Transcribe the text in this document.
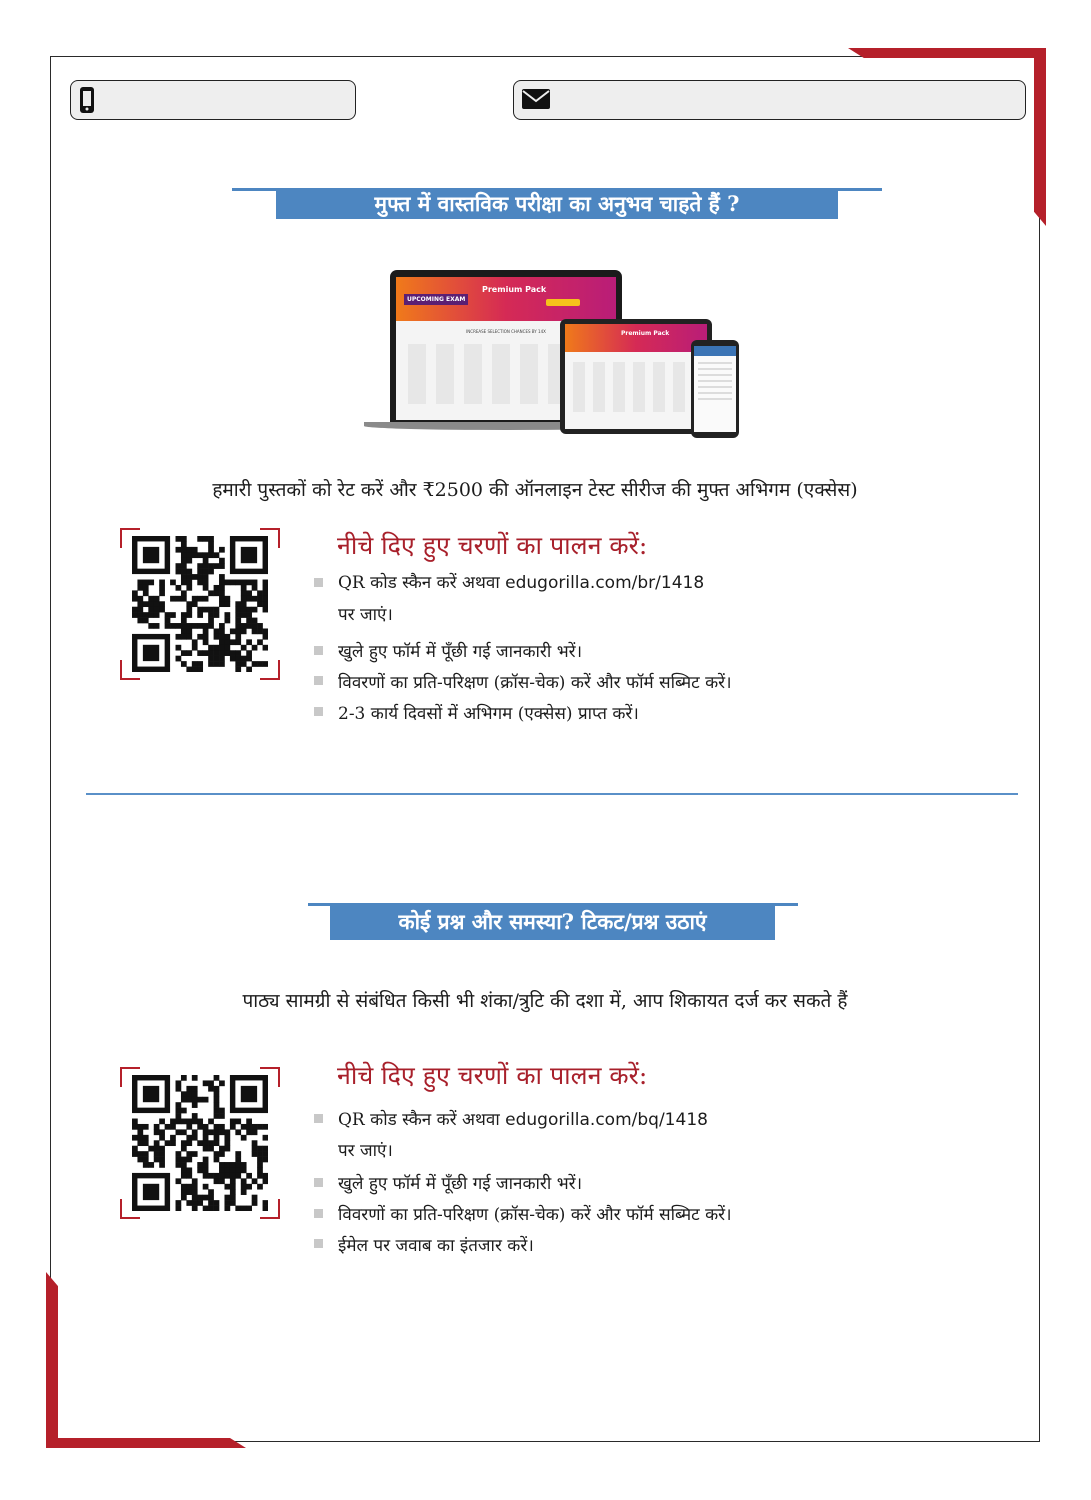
मुफ्त में वास्तविक परीक्षा का अनुभव चाहते हैं ?
UPCOMING EXAM
Premium Pack
INCREASE SELECTION CHANCES BY 14X	Premium Pack
हमारी पुस्तकों को रेट करें और ₹2500 की ऑनलाइन टेस्ट सीरीज की मुफ्त अभिगम (एक्सेस)
नीचे दिए हुए चरणों का पालन करें:
QR कोड स्कैन करें अथवा edugorilla.com/br/1418
पर जाएं।
खुले हुए फॉर्म में पूँछी गई जानकारी भरें।
विवरणों का प्रति-परिक्षण (क्रॉस-चेक) करें और फॉर्म सब्मिट करें।
2-3 कार्य दिवसों में अभिगम (एक्सेस) प्राप्त करें।
कोई प्रश्न और समस्या? टिकट/प्रश्न उठाएं
पाठ्य सामग्री से संबंधित किसी भी शंका/त्रुटि की दशा में, आप शिकायत दर्ज कर सकते हैं
नीचे दिए हुए चरणों का पालन करें:
QR कोड स्कैन करें अथवा edugorilla.com/bq/1418
पर जाएं।
खुले हुए फॉर्म में पूँछी गई जानकारी भरें।
विवरणों का प्रति-परिक्षण (क्रॉस-चेक) करें और फॉर्म सब्मिट करें।
ईमेल पर जवाब का इंतजार करें।
